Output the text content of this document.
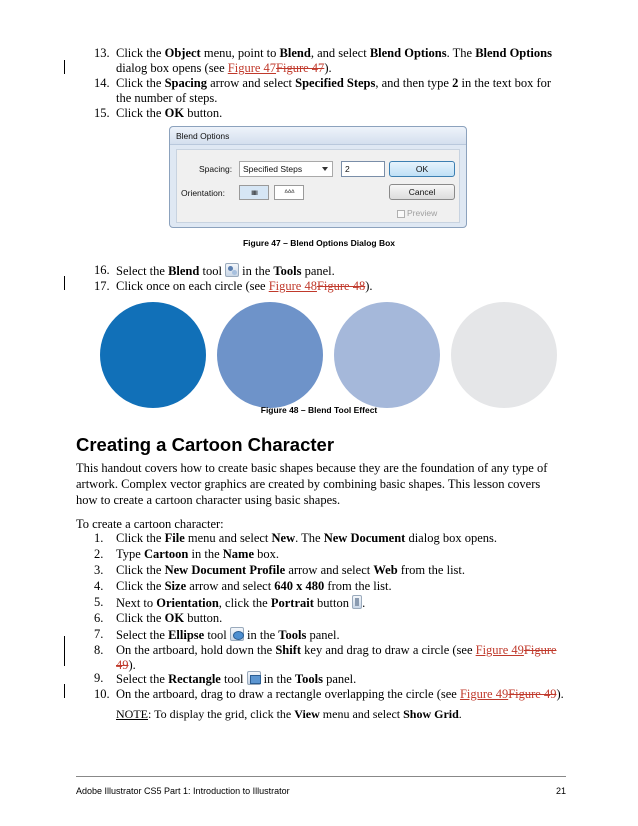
13. Click the Object menu, point to Blend, and select Blend Options. The Blend Options dialog box opens (see Figure 47Figure 47).
14. Click the Spacing arrow and select Specified Steps, and then type 2 in the text box for the number of steps.
15. Click the OK button.
Blend Options
Spacing:	Specified Steps	2	OK
Orientation:	ııııı	ᐞᐞᐞ	Cancel
Preview
Figure 47 – Blend Options Dialog Box
16. Select the Blend tool  in the Tools panel.
17. Click once on each circle (see Figure 48Figure 48).
Figure 48 – Blend Tool Effect
Creating a Cartoon Character
This handout covers how to create basic shapes because they are the foundation of any type of
artwork. Complex vector graphics are created by combining basic shapes. This lesson covers
how to create a cartoon character using basic shapes.
To create a cartoon character:
1.	Click the File menu and select New. The New Document dialog box opens.
2.	Type Cartoon in the Name box.
3.	Click the New Document Profile arrow and select Web from the list.
4.	Click the Size arrow and select 640 x 480 from the list.
5.	Next to Orientation, click the Portrait button .
6.	Click the OK button.
7.	Select the Ellipse tool  in the Tools panel.
8.	On the artboard, hold down the Shift key and drag to draw a circle (see Figure 49Figure 49).
9.	Select the Rectangle tool  in the Tools panel.
10. On the artboard, drag to draw a rectangle overlapping the circle (see Figure 49Figure 49).
NOTE: To display the grid, click the View menu and select Show Grid.
Adobe Illustrator CS5 Part 1: Introduction to Illustrator	21
